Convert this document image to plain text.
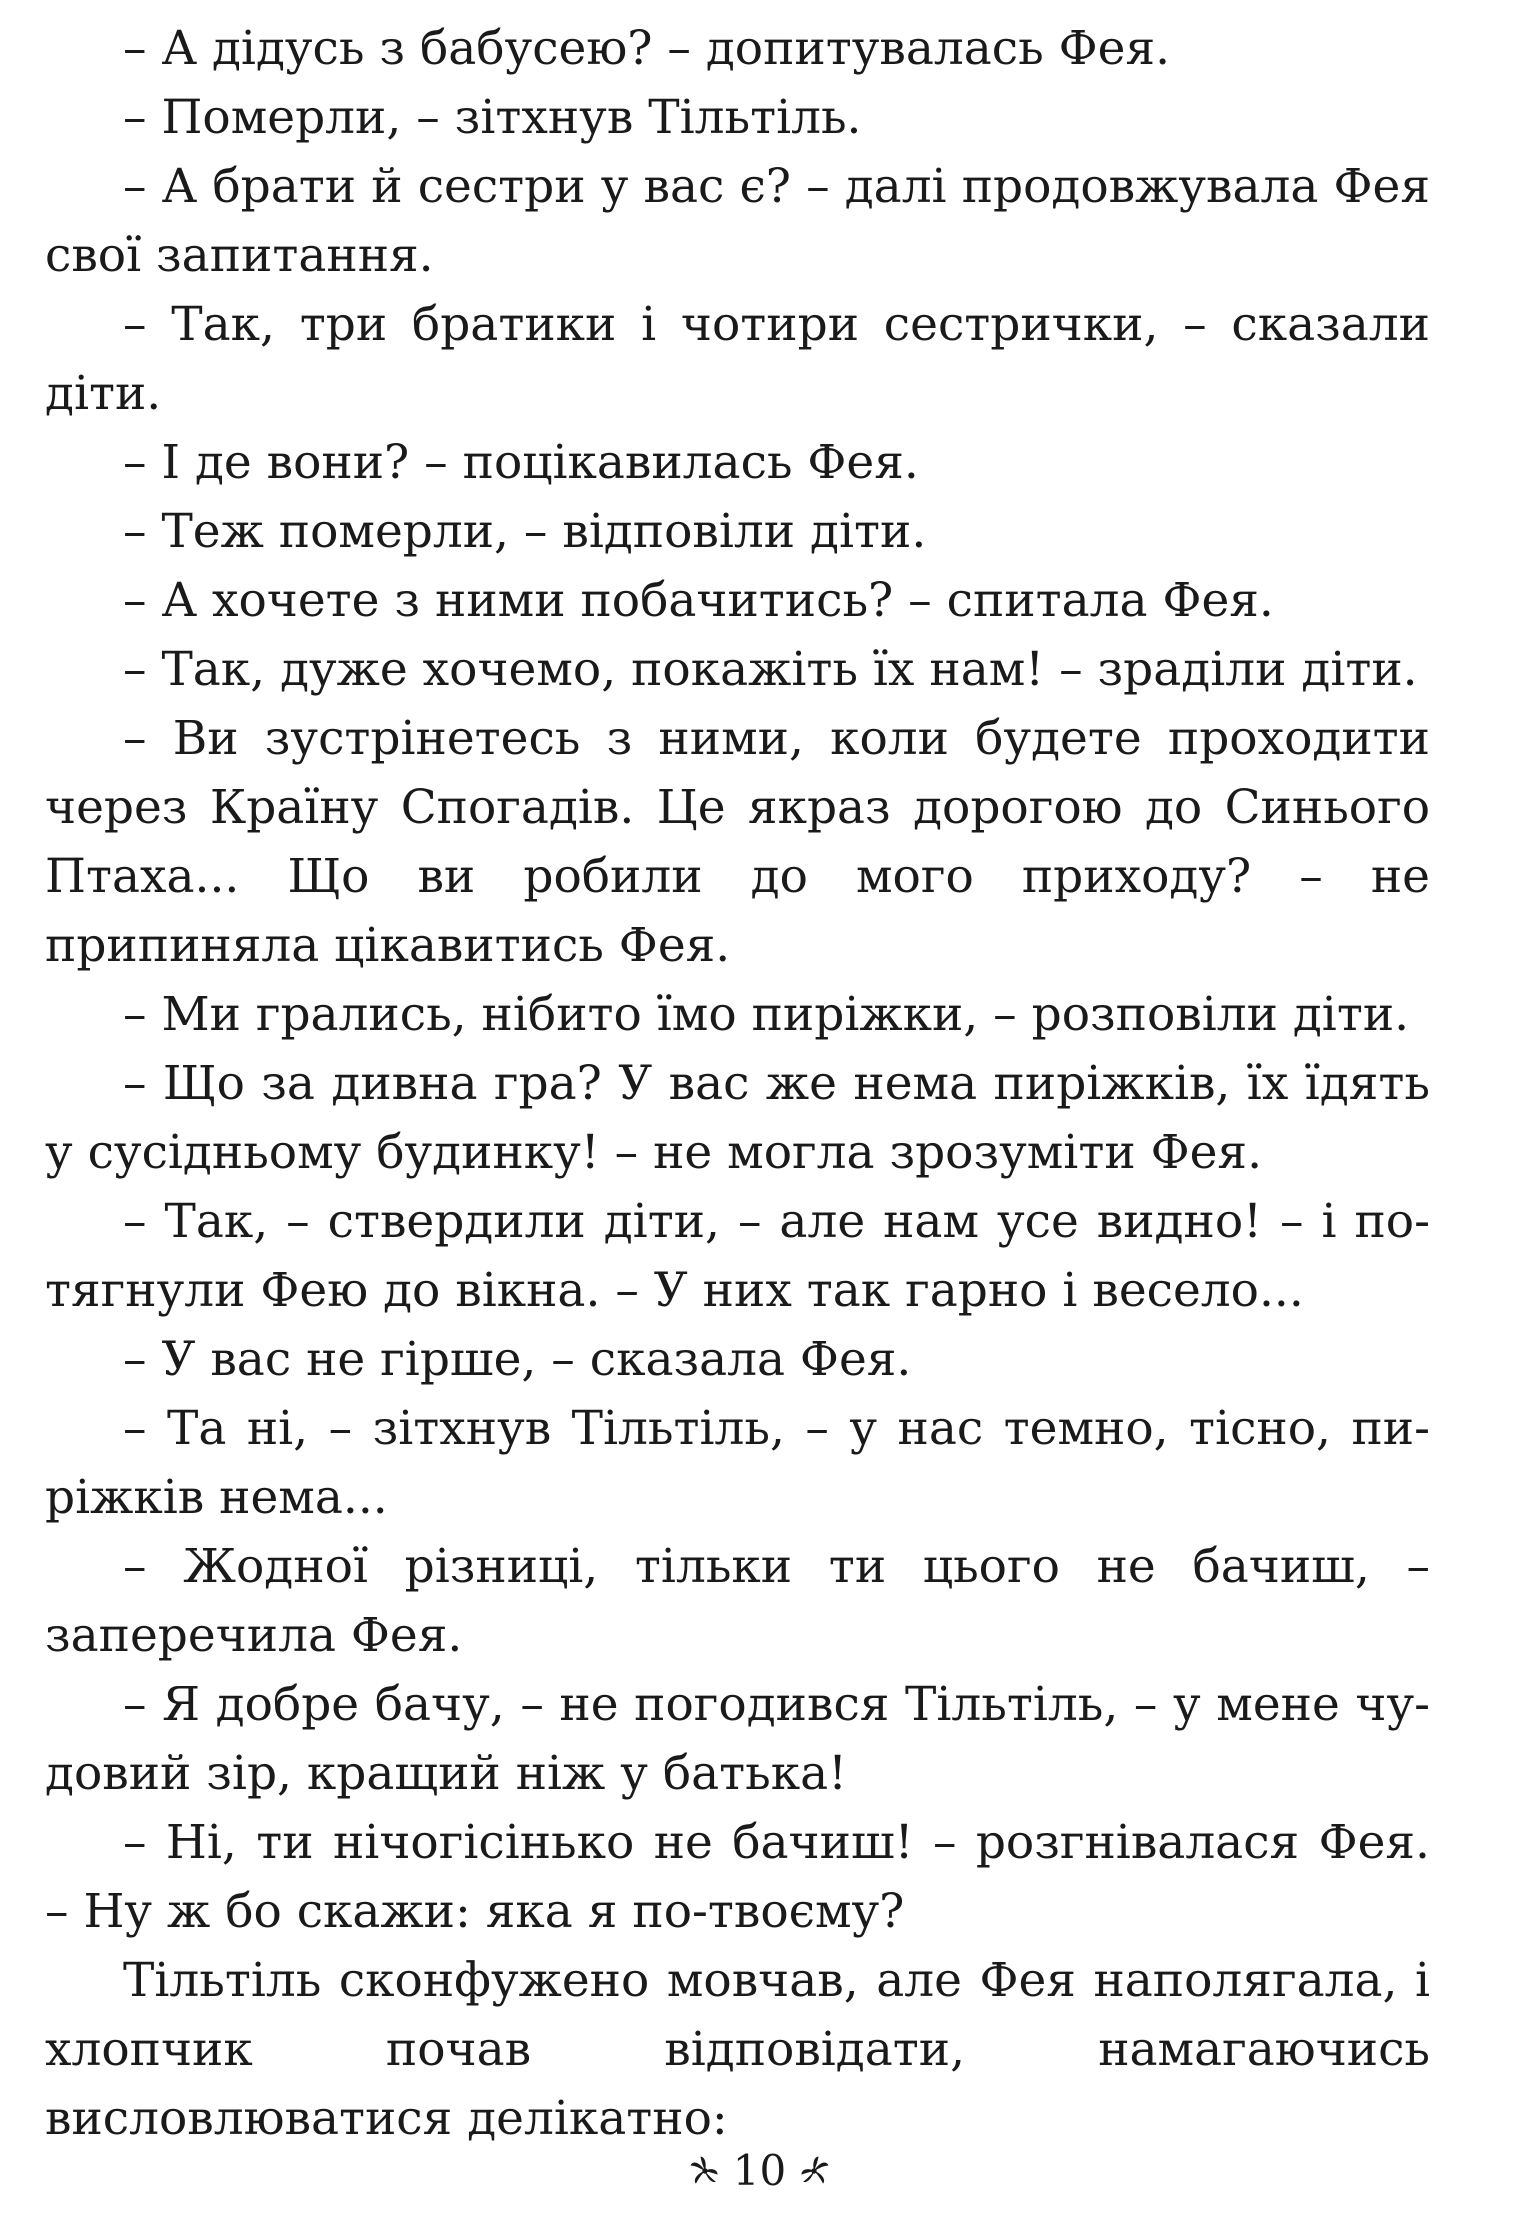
– А дідусь з бабусею? – допитувалась Фея.

– Померли, – зітхнув Тільтіль.

– А брати й сестри у вас є? – далі продовжувала Фея свої запитання.

– Так, три братики і чотири сестрички, – сказали діти.

– І де вони? – поцікавилась Фея.

– Теж померли, – відповіли діти.

– А хочете з ними побачитись? – спитала Фея.

– Так, дуже хочемо, покажіть їх нам! – зраділи діти.

– Ви зустрінетесь з ними, коли будете проходити через Країну Спогадів. Це якраз дорогою до Синього Птаха... Що ви робили до мого приходу? – не припиняла цікавитись Фея.

– Ми грались, нібито їмо пиріжки, – розповіли діти.

– Що за дивна гра? У вас же нема пиріжків, їх їдять у сусідньому будинку! – не могла зрозуміти Фея.

– Так, – ствердили діти, – але нам усе видно! – і потягнули Фею до вікна. – У них так гарно і весело...

– У вас не гірше, – сказала Фея.

– Та ні, – зітхнув Тільтіль, – у нас темно, тісно, пиріжків нема...

– Жодної різниці, тільки ти цього не бачиш, – заперечила Фея.

– Я добре бачу, – не погодився Тільтіль, – у мене чудовий зір, кращий ніж у батька!

– Ні, ти нічогісінько не бачиш! – розгнівалася Фея. – Ну ж бо скажи: яка я по-твоєму?

Тільтіль сконфужено мовчав, але Фея наполягала, і хлопчик почав відповідати, намагаючись висловлюватися делікатно:

10
